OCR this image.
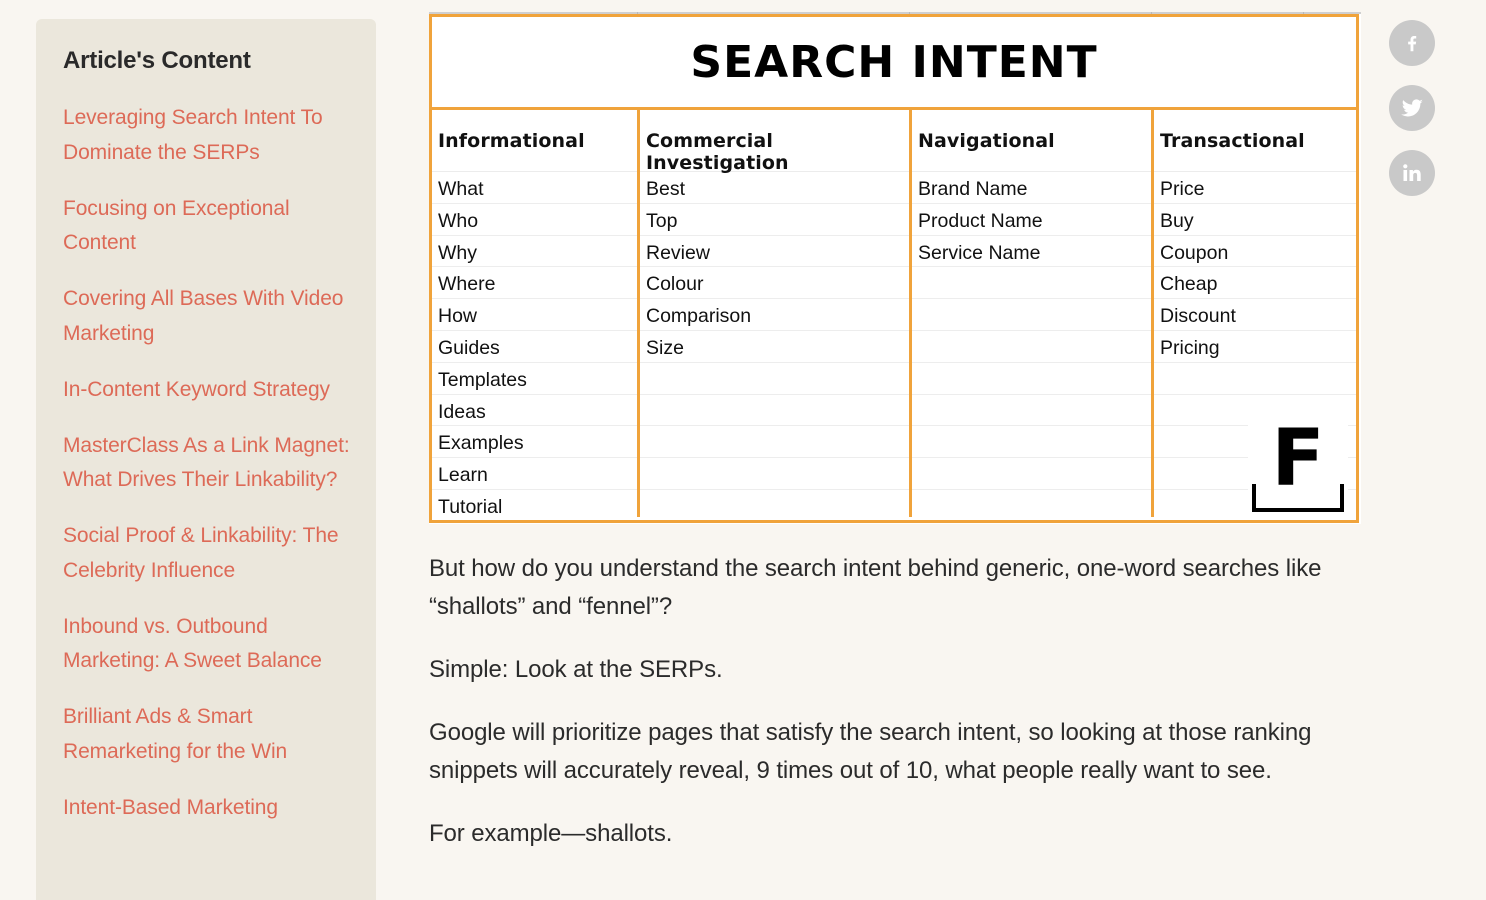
Article's Content
Leveraging Search Intent To Dominate the SERPs
Focusing on Exceptional Content
Covering All Bases With Video Marketing
In-Content Keyword Strategy
MasterClass As a Link Magnet: What Drives Their Linkability?
Social Proof & Linkability: The Celebrity Influence
Inbound vs. Outbound Marketing: A Sweet Balance
Brilliant Ads & Smart Remarketing for the Win
Intent-Based Marketing
SEARCH INTENT
Informational
What
Who
Why
Where
How
Guides
Templates
Ideas
Examples
Learn
Tutorial
Commercial Investigation
Best
Top
Review
Colour
Comparison
Size
Navigational
Brand Name
Product Name
Service Name
Transactional
Price
Buy
Coupon
Cheap
Discount
Pricing
F

But how do you understand the search intent behind generic, one-word searches like “shallots” and “fennel”?

Simple: Look at the SERPs.

Google will prioritize pages that satisfy the search intent, so looking at those ranking snippets will accurately reveal, 9 times out of 10, what people really want to see.

For example—shallots.
